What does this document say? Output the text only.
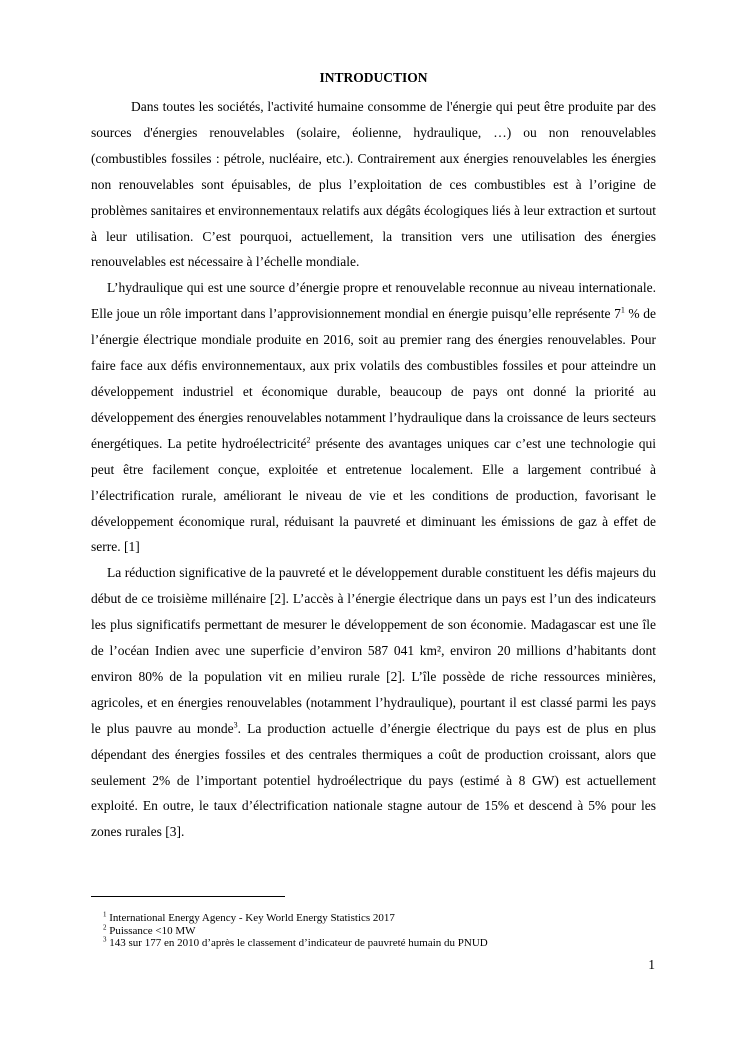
INTRODUCTION

Dans toutes les sociétés, l'activité humaine consomme de l'énergie qui peut être produite par des sources d'énergies renouvelables (solaire, éolienne, hydraulique, …) ou non renouvelables (combustibles fossiles : pétrole, nucléaire, etc.). Contrairement aux énergies renouvelables les énergies non renouvelables sont épuisables, de plus l’exploitation de ces combustibles est à l’origine de problèmes sanitaires et environnementaux relatifs aux dégâts écologiques liés à leur extraction et surtout à leur utilisation. C’est pourquoi, actuellement, la transition vers une utilisation des énergies renouvelables est nécessaire à l’échelle mondiale.

L’hydraulique qui est une source d’énergie propre et renouvelable reconnue au niveau internationale. Elle joue un rôle important dans l’approvisionnement mondial en énergie puisqu’elle représente $7^1$ % de l’énergie électrique mondiale produite en 2016, soit au premier rang des énergies renouvelables. Pour faire face aux défis environnementaux, aux prix volatils des combustibles fossiles et pour atteindre un développement industriel et économique durable, beaucoup de pays ont donné la priorité au développement des énergies renouvelables notamment l’hydraulique dans la croissance de leurs secteurs énergétiques. La petite hydroélectricité$^2$ présente des avantages uniques car c’est une technologie qui peut être facilement conçue, exploitée et entretenue localement. Elle a largement contribué à l’électrification rurale, améliorant le niveau de vie et les conditions de production, favorisant le développement économique rural, réduisant la pauvreté et diminuant les émissions de gaz à effet de serre. [1]

La réduction significative de la pauvreté et le développement durable constituent les défis majeurs du début de ce troisième millénaire [2]. L’accès à l’énergie électrique dans un pays est l’un des indicateurs les plus significatifs permettant de mesurer le développement de son économie. Madagascar est une île de l’océan Indien avec une superficie d’environ 587 041 km², environ 20 millions d’habitants dont environ 80% de la population vit en milieu rurale [2]. L’île possède de riche ressources minières, agricoles, et en énergies renouvelables (notamment l’hydraulique), pourtant il est classé parmi les pays le plus pauvre au monde$^3$. La production actuelle d’énergie électrique du pays est de plus en plus dépendant des énergies fossiles et des centrales thermiques a coût de production croissant, alors que seulement 2% de l’important potentiel hydroélectrique du pays (estimé à 8 GW) est actuellement exploité. En outre, le taux d’électrification nationale stagne autour de 15% et descend à 5% pour les zones rurales [3].

$^1$ International Energy Agency - Key World Energy Statistics 2017

$^2$ Puissance <10 MW

$^3$ 143 sur 177 en 2010 d’après le classement d’indicateur de pauvreté humain du PNUD

1
